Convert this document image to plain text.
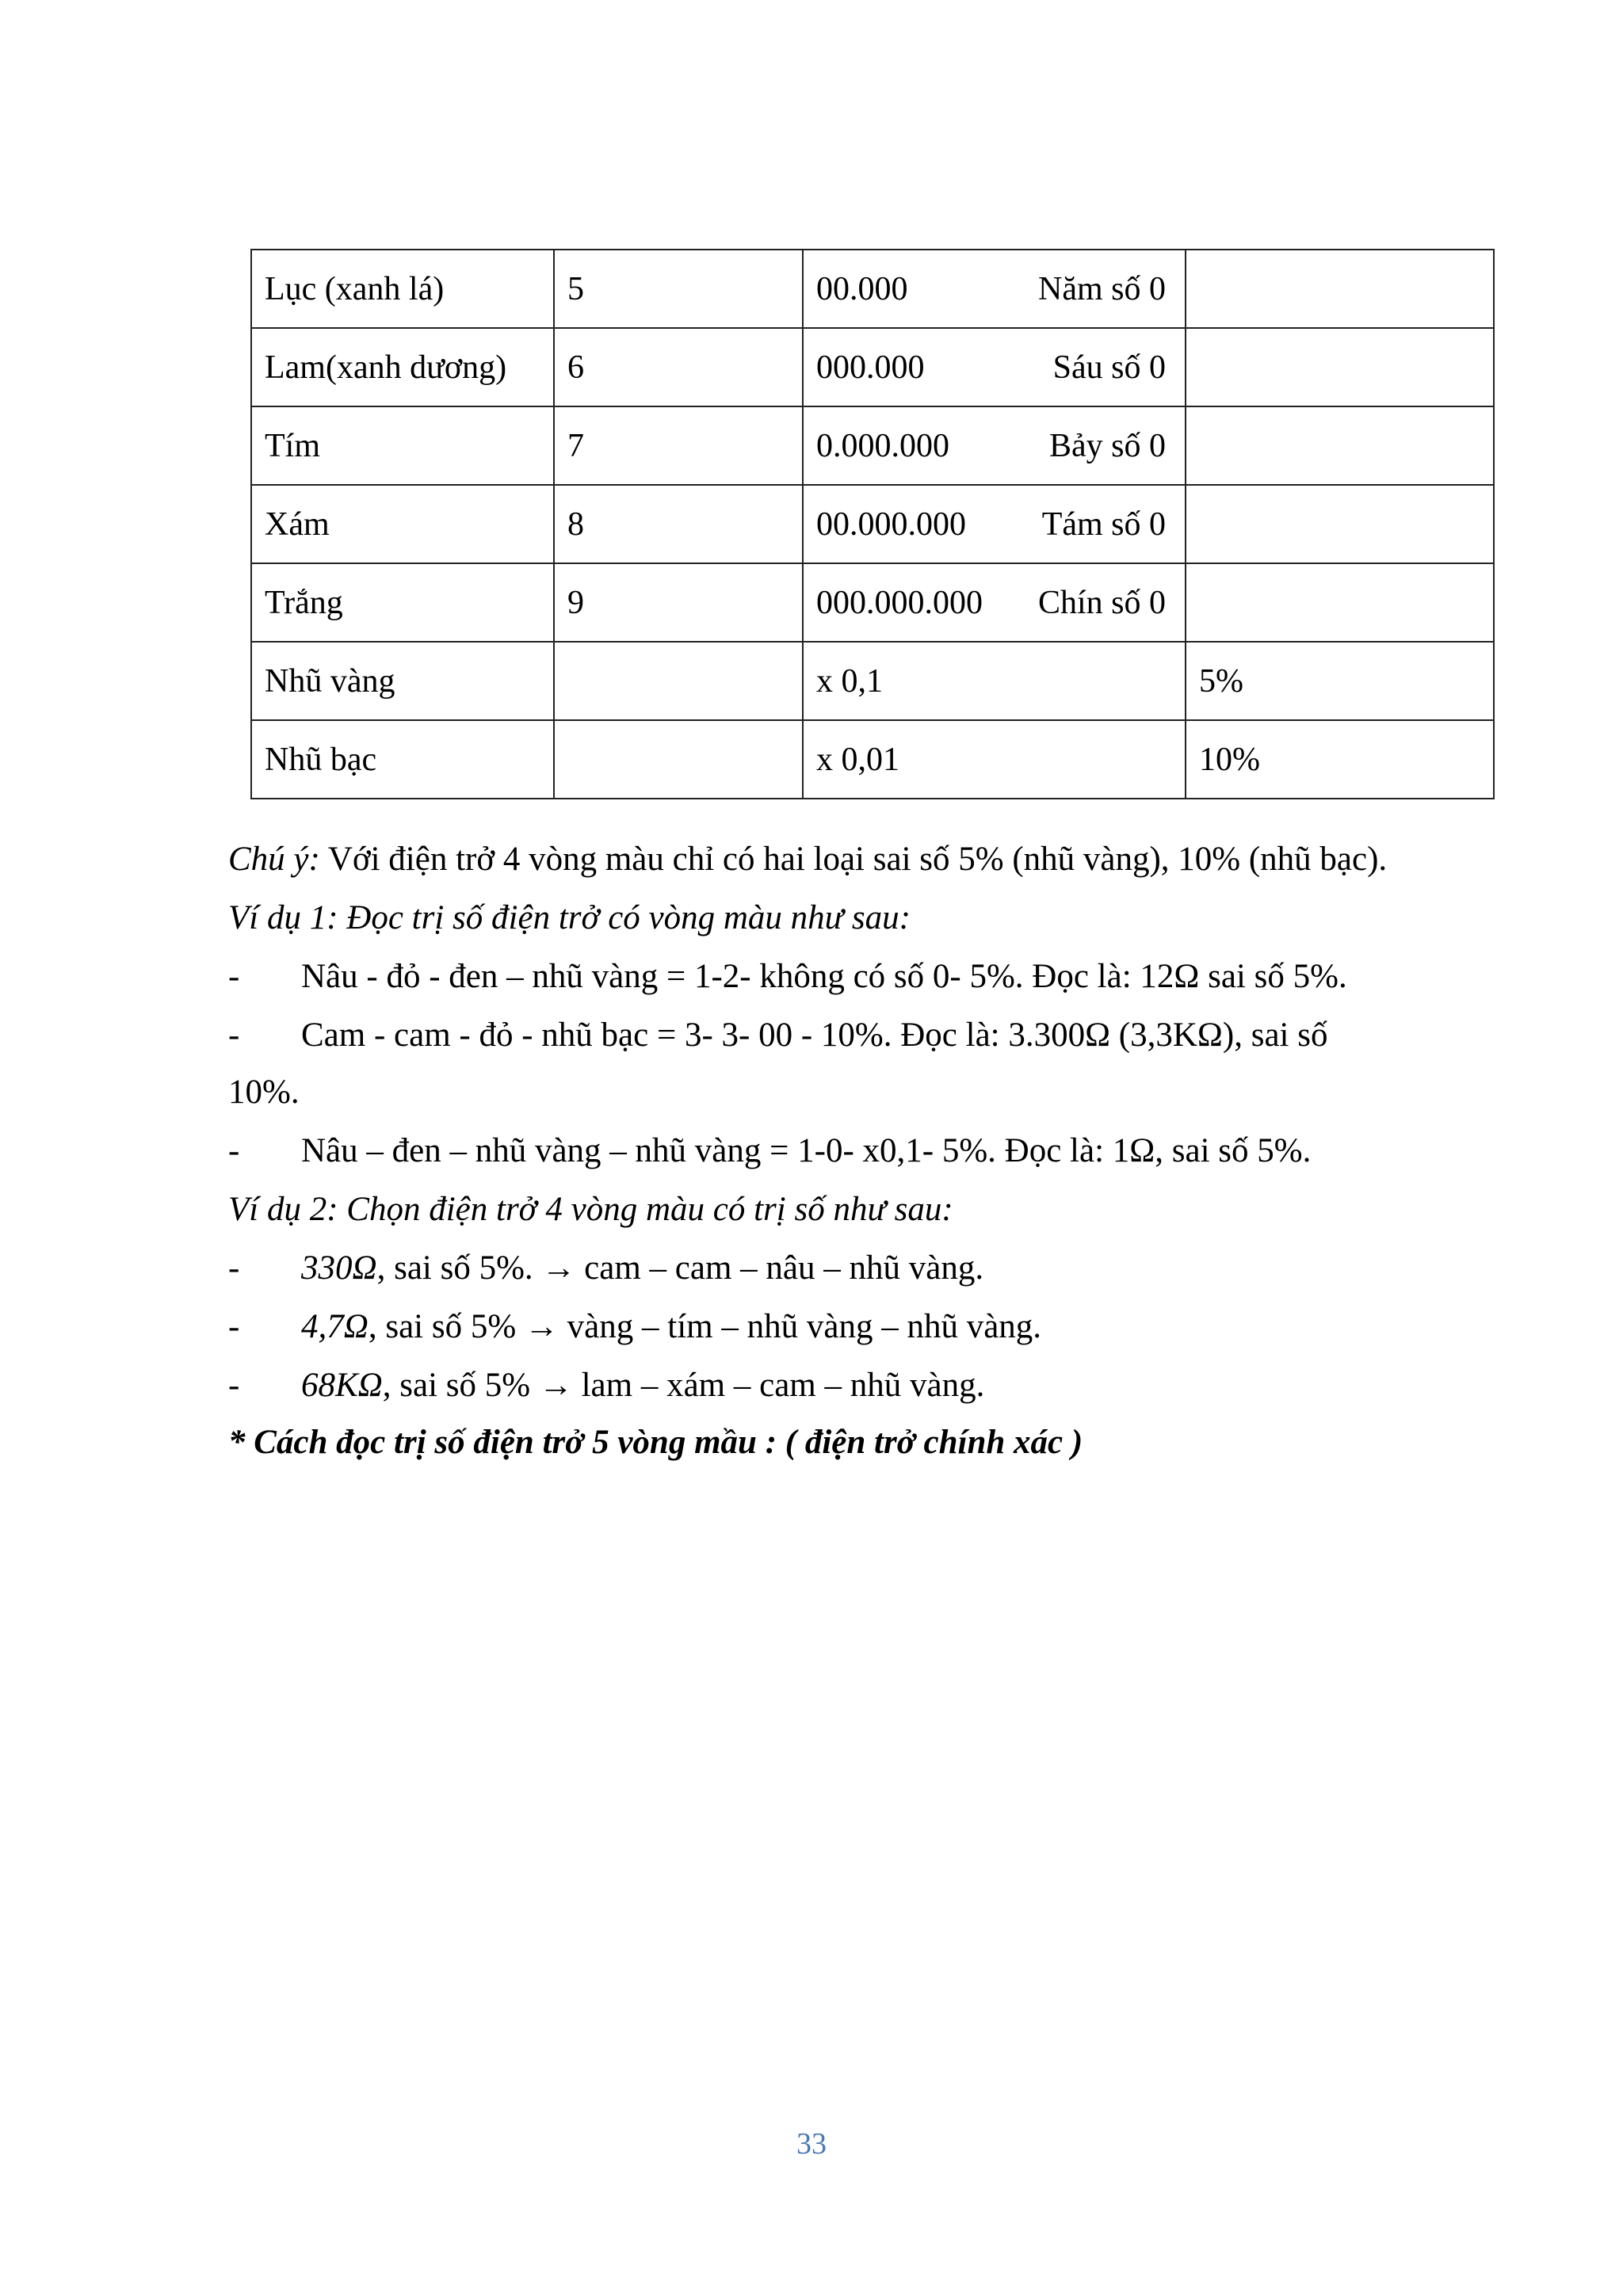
Lục (xanh lá)	5	00.000 Năm số 0	

Lam(xanh dương)	6	000.000 Sáu số 0	

Tím	7	0.000.000 Bảy số 0	

Xám	8	00.000.000 Tám số 0	

Trắng	9	000.000.000 Chín số 0	

Nhũ vàng		x 0,1	5%
Nhũ bạc		x 0,01	10%

Chú ý: Với điện trở 4 vòng màu chỉ có hai loại sai số 5% (nhũ vàng), 10% (nhũ bạc).

Ví dụ 1: Đọc trị số điện trở có vòng màu như sau:

- Nâu - đỏ - đen – nhũ vàng = 1-2- không có số 0- 5%. Đọc là: 12Ω sai số 5%.
- Cam - cam - đỏ - nhũ bạc = 3- 3- 00 - 10%. Đọc là: 3.300Ω (3,3KΩ), sai số
10%.
- Nâu – đen – nhũ vàng – nhũ vàng = 1-0- x0,1- 5%. Đọc là: 1Ω, sai số 5%.

Ví dụ 2: Chọn điện trở 4 vòng màu có trị số như sau:

- 330Ω, sai số 5%. → cam – cam – nâu – nhũ vàng.
- 4,7Ω, sai số 5% → vàng – tím – nhũ vàng – nhũ vàng.
- 68KΩ, sai số 5% → lam – xám – cam – nhũ vàng.

* Cách đọc trị số điện trở 5 vòng mầu : ( điện trở chính xác )

33
